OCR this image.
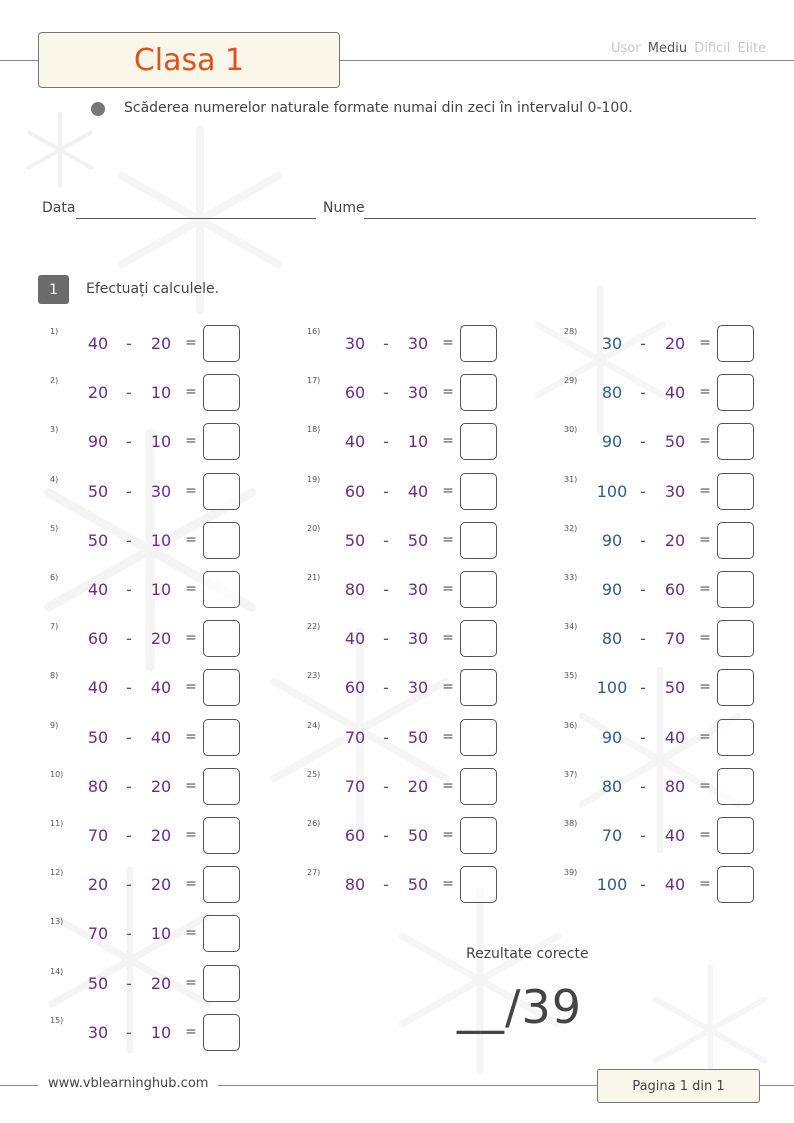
Clasa 1	Ușor Mediu Dificil Elite
Scăderea numerelor naturale formate numai din zeci în intervalul 0-100.
Data	Nume
1	Efectuați calculele.
1)
40	-	20 =
2)
20	-	10 =
3)
90	-	10 =
4)
50	-	30 =
5)
50	-	10 =
6)
40	-	10 =
7)
60	-	20 =
8)
40	-	40 =
9)
50	-	40 =
10)
80	-	20 =
11)
70	-	20 =
12)
20	-	20 =
13)
70	-	10 =
14)
50	-	20 =
15)
30	-	10 =
16)
30	-	30 =
17)
60	-	30 =
18)
40	-	10 =
19)
60	-	40 =
20)
50	-	50 =
21)
80	-	30 =
22)
40	-	30 =
23)
60	-	30 =
24)
70	-	50 =
25)
70	-	20 =
26)
60	-	50 =
27)
80	-	50 =
28)
30	-	20 =
29)
80	-	40 =
30)
90	-	50 =
31)
100 -	30 =
32)
90	-	20 =
33)
90	-	60 =
34)
80	-	70 =
35)
100 -	50 =
36)
90	-	40 =
37)
80	-	80 =
38)
70	-	40 =
39)
100 -	40 =
Rezultate corecte
__/39
www.vblearninghub.com	Pagina 1 din 1
